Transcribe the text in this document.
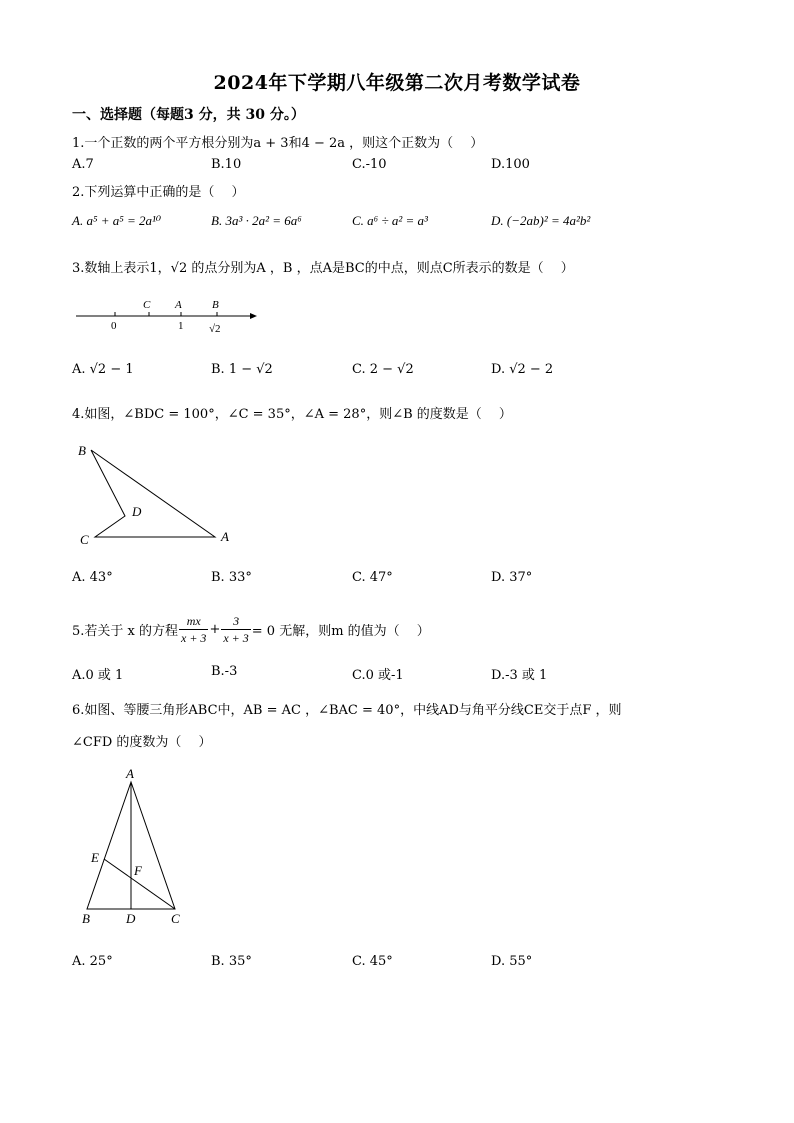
2024年下学期八年级第二次月考数学试卷
一、选择题（每题3 分，共 30 分。）
1.一个正数的两个平方根分别为a + 3和4 − 2a ，则这个正数为（　 ）
A.7	B.10	C.-10	D.100
2.下列运算中正确的是（　 ）
A. a⁵ + a⁵ = 2a¹⁰	B. 3a³ · 2a² = 6a⁶	C. a⁶ ÷ a² = a³	D. (−2ab)² = 4a²b²
3.数轴上表示1，√2 的点分别为A ，B ，点A是BC的中点，则点C所表示的数是（　 ）
C A	B
0	1 √2
A. √2 − 1	B. 1 − √2	C. 2 − √2	D. √2 − 2
4.如图，∠BDC = 100°，∠C = 35°，∠A = 28°，则∠B 的度数是（　 ）
B
D
C	A
A. 43°	B. 33°	C. 47°	D. 37°
5.若关于 x 的方程 $\frac{mx}{x + 3} + \frac{3}{x + 3} = 0$ 无解，则m 的值为（　 ）
A.0 或 1	B.-3	C.0 或-1	D.-3 或 1
6.如图、等腰三角形ABC中，AB = AC ，∠BAC = 40°，中线AD与角平分线CE交于点F ，则
∠CFD 的度数为（　 ）
A
E
F
B	D	C
A. 25°	B. 35°	C. 45°	D. 55°
